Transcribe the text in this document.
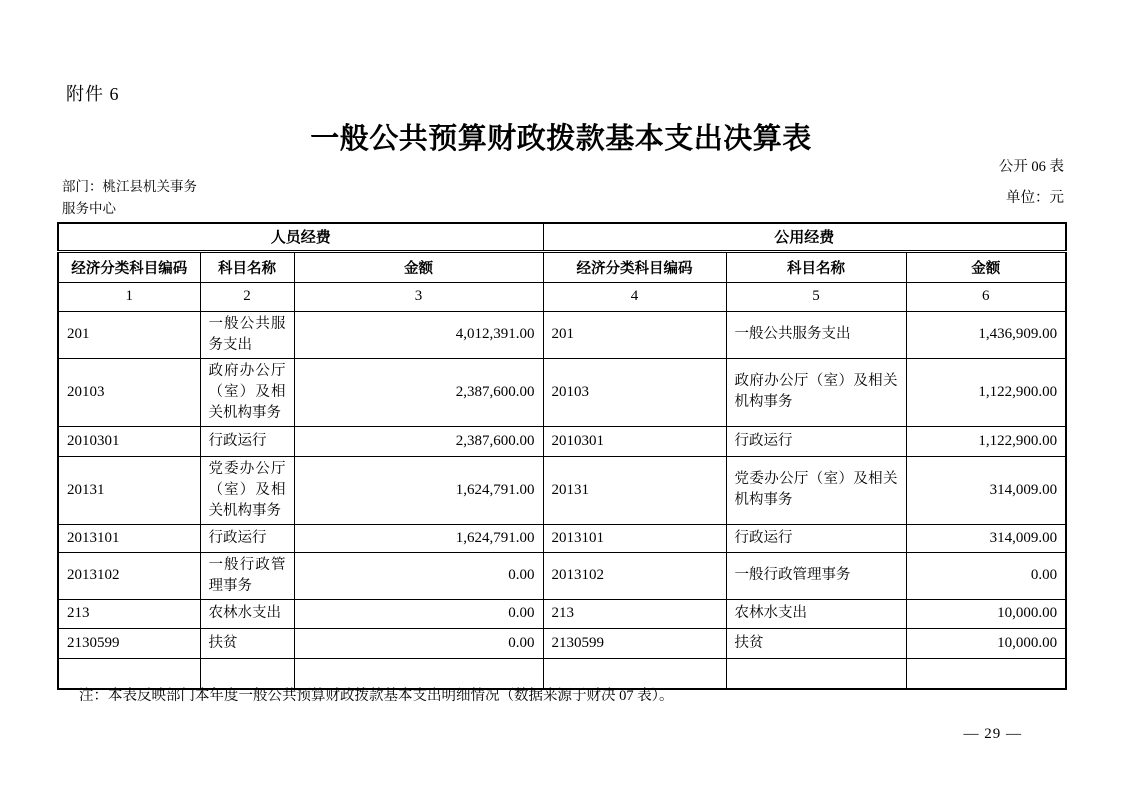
附件 6
一般公共预算财政拨款基本支出决算表
公开 06 表
部门：桃江县机关事务
服务中心
单位：元
人员经费			公用经费		
经济分类科目编码	科目名称	金额	经济分类科目编码	科目名称	金额
1	2	3	4	5	6
201	一般公共服务支出	4,012,391.00	201	一般公共服务支出	1,436,909.00
20103	政府办公厅（室）及相关机构事务	2,387,600.00	20103	政府办公厅（室）及相关机构事务	1,122,900.00
2010301	行政运行	2,387,600.00	2010301	行政运行	1,122,900.00
20131	党委办公厅（室）及相关机构事务	1,624,791.00	20131	党委办公厅（室）及相关机构事务	314,009.00
2013101	行政运行	1,624,791.00	2013101	行政运行	314,009.00
2013102	一般行政管理事务	0.00	2013102	一般行政管理事务	0.00
213	农林水支出	0.00	213	农林水支出	10,000.00
2130599	扶贫	0.00	2130599	扶贫	10,000.00

注：本表反映部门本年度一般公共预算财政拨款基本支出明细情况（数据来源于财决 07 表）。
— 29 —
